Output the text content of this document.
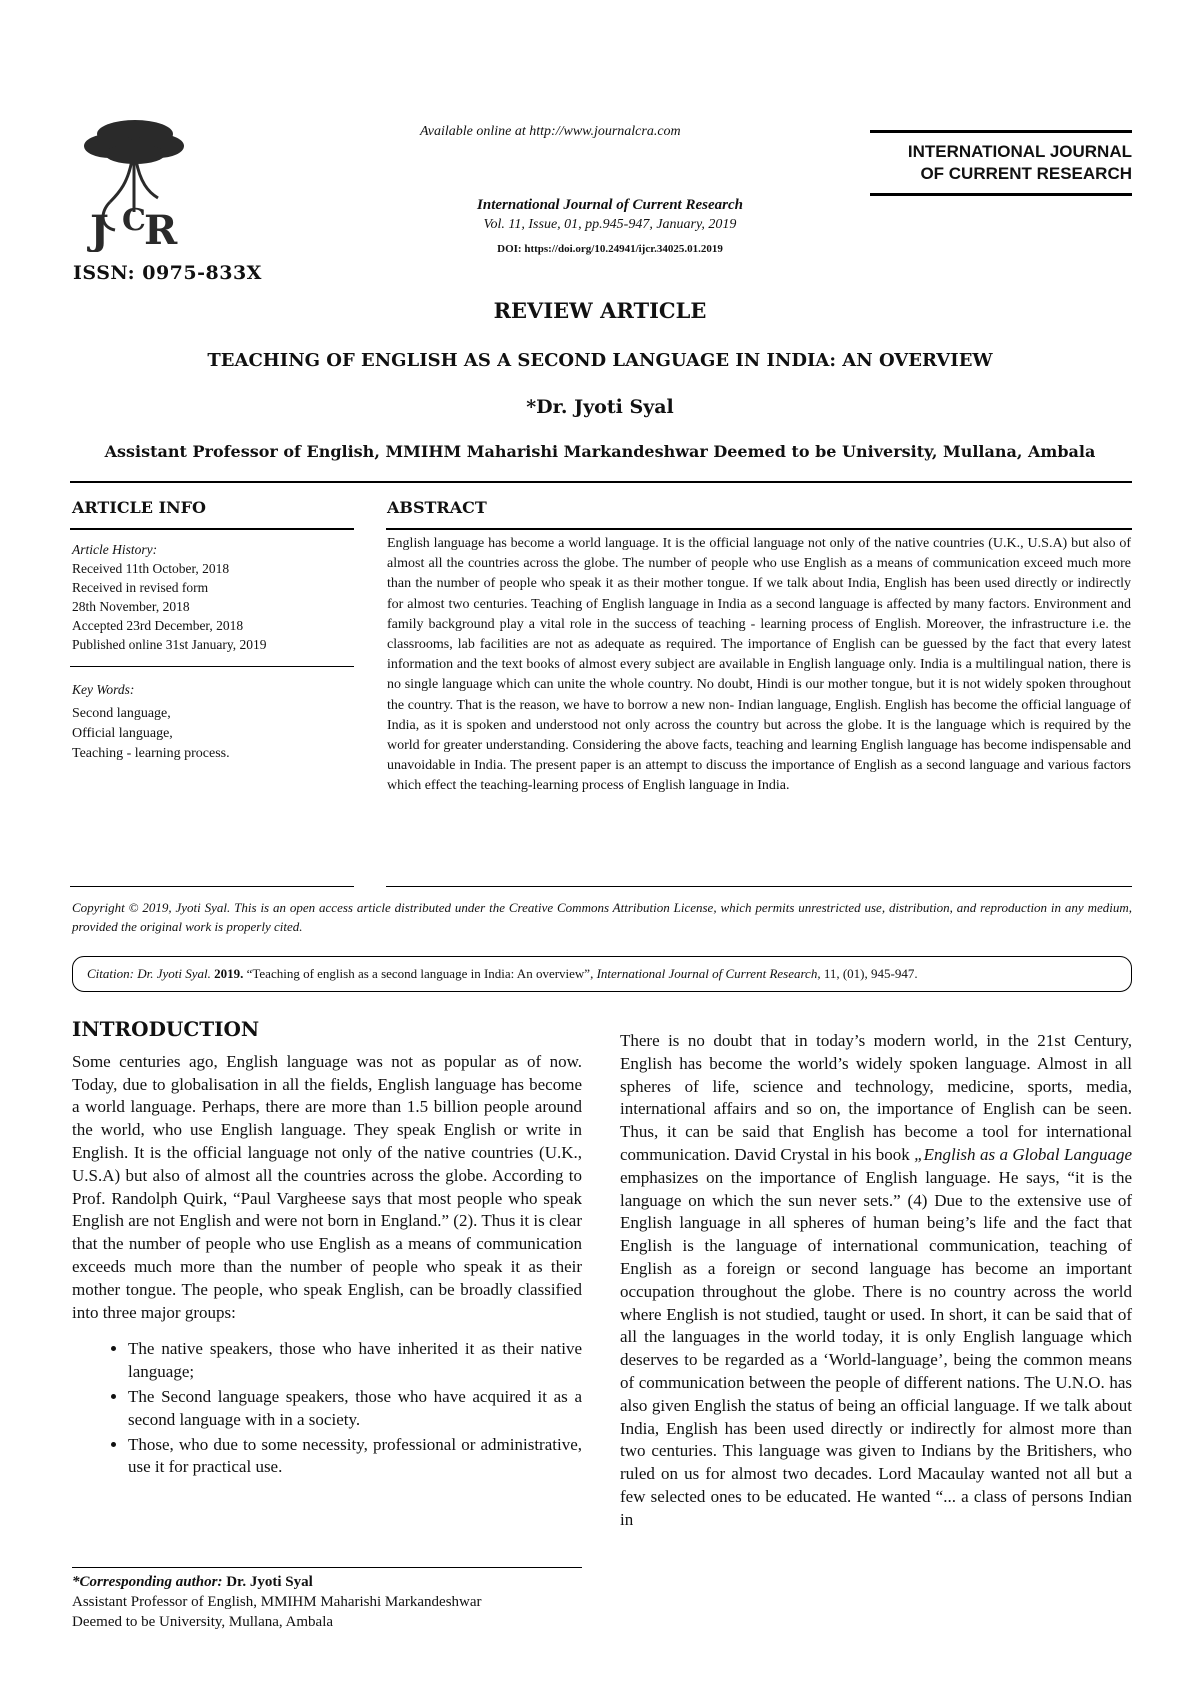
J C
R
ISSN: 0975-833X
Available online at http://www.journalcra.com
INTERNATIONAL JOURNAL
OF CURRENT RESEARCH
International Journal of Current Research
Vol. 11, Issue, 01, pp.945-947, January, 2019
DOI: https://doi.org/10.24941/ijcr.34025.01.2019
REVIEW ARTICLE
TEACHING OF ENGLISH AS A SECOND LANGUAGE IN INDIA: AN OVERVIEW
*Dr. Jyoti Syal
Assistant Professor of English, MMIHM Maharishi Markandeshwar Deemed to be University, Mullana, Ambala
ARTICLE INFO	ABSTRACT
Article History:
Received 11th October, 2018
Received in revised form
28th November, 2018
Accepted 23rd December, 2018
Published online 31st January, 2019
Key Words:
Second language,
Official language,
Teaching - learning process.
English language has become a world language. It is the official language not only of the native countries (U.K., U.S.A) but also of almost all the countries across the globe. The number of people who use English as a means of communication exceed much more than the number of people who speak it as their mother tongue. If we talk about India, English has been used directly or indirectly for almost two centuries. Teaching of English language in India as a second language is affected by many factors. Environment and family background play a vital role in the success of teaching - learning process of English. Moreover, the infrastructure i.e. the classrooms, lab facilities are not as adequate as required. The importance of English can be guessed by the fact that every latest information and the text books of almost every subject are available in English language only. India is a multilingual nation, there is no single language which can unite the whole country. No doubt, Hindi is our mother tongue, but it is not widely spoken throughout the country. That is the reason, we have to borrow a new non- Indian language, English. English has become the official language of India, as it is spoken and understood not only across the country but across the globe. It is the language which is required by the world for greater understanding. Considering the above facts, teaching and learning English language has become indispensable and unavoidable in India. The present paper is an attempt to discuss the importance of English as a second language and various factors which effect the teaching-learning process of English language in India.
Copyright © 2019, Jyoti Syal. This is an open access article distributed under the Creative Commons Attribution License, which permits unrestricted use, distribution, and reproduction in any medium, provided the original work is properly cited.
Citation: Dr. Jyoti Syal. 2019. “Teaching of english as a second language in India: An overview”, International Journal of Current Research, 11, (01), 945-947.
INTRODUCTION

Some centuries ago, English language was not as popular as of now. Today, due to globalisation in all the fields, English language has become a world language. Perhaps, there are more than 1.5 billion people around the world, who use English language. They speak English or write in English. It is the official language not only of the native countries (U.K., U.S.A) but also of almost all the countries across the globe. According to Prof. Randolph Quirk, “Paul Vargheese says that most people who speak English are not English and were not born in England.” (2). Thus it is clear that the number of people who use English as a means of communication exceeds much more than the number of people who speak it as their mother tongue. The people, who speak English, can be broadly classified into three major groups:

• The native speakers, those who have inherited it as their native language;
• The Second language speakers, those who have acquired it as a second language with in a society.
• Those, who due to some necessity, professional or administrative, use it for practical use.

There is no doubt that in today’s modern world, in the 21st Century, English has become the world’s widely spoken language. Almost in all spheres of life, science and technology, medicine, sports, media, international affairs and so on, the importance of English can be seen. Thus, it can be said that English has become a tool for international communication. David Crystal in his book „English as a Global Language emphasizes on the importance of English language. He says, “it is the language on which the sun never sets.” (4) Due to the extensive use of English language in all spheres of human being’s life and the fact that English is the language of international communication, teaching of English as a foreign or second language has become an important occupation throughout the globe. There is no country across the world where English is not studied, taught or used. In short, it can be said that of all the languages in the world today, it is only English language which deserves to be regarded as a ‘World-language’, being the common means of communication between the people of different nations. The U.N.O. has also given English the status of being an official language. If we talk about India, English has been used directly or indirectly for almost more than two centuries. This language was given to Indians by the Britishers, who ruled on us for almost two decades. Lord Macaulay wanted not all but a few selected ones to be educated. He wanted “... a class of persons Indian in

*Corresponding author: Dr. Jyoti Syal
Assistant Professor of English, MMIHM Maharishi Markandeshwar
Deemed to be University, Mullana, Ambala
